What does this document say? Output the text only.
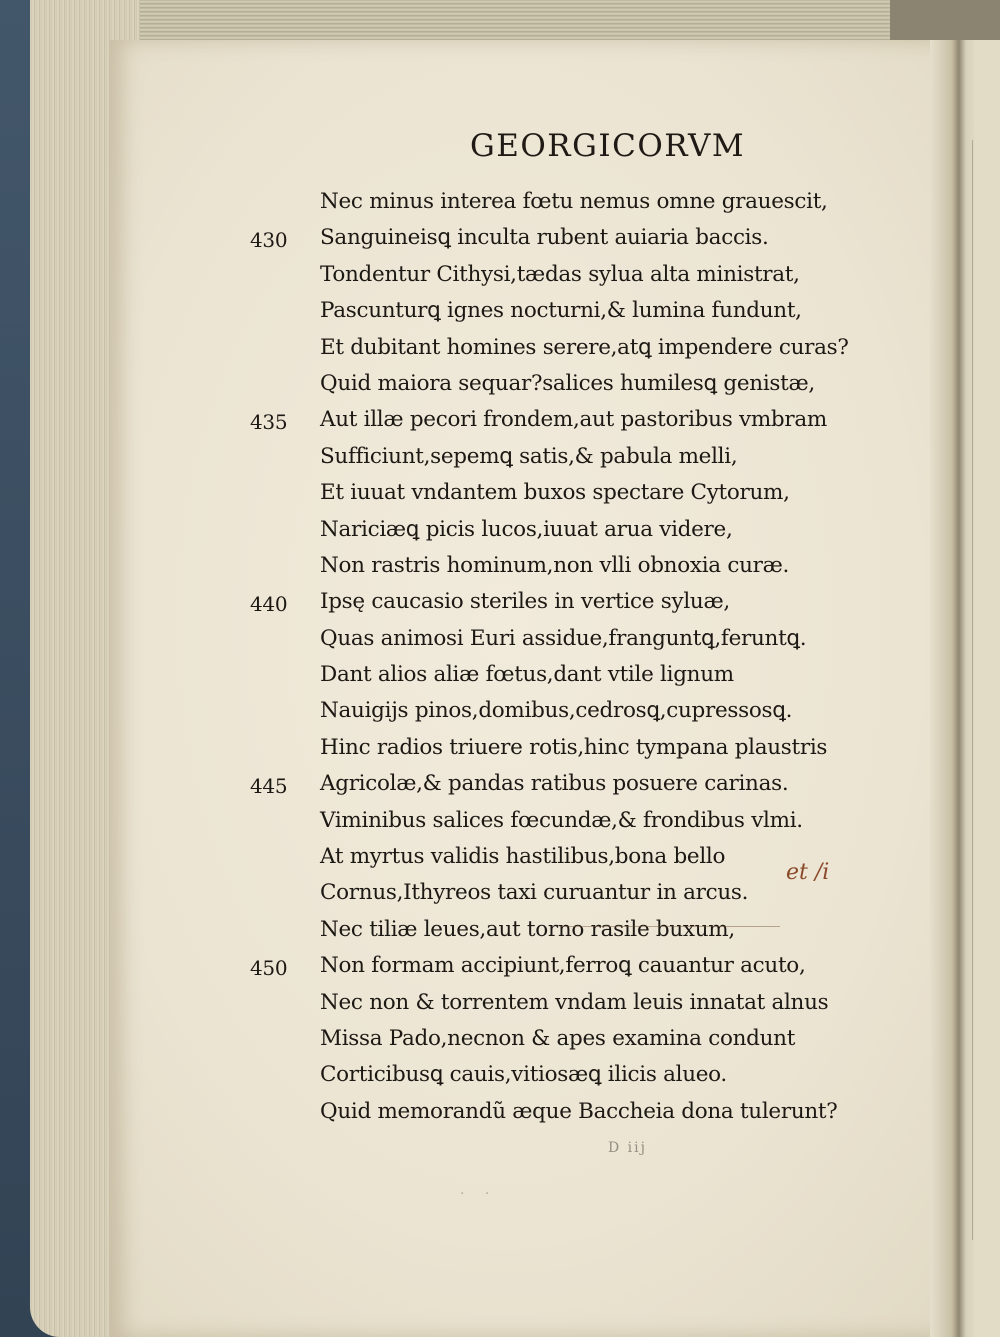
GEORGICORVM
Nec minus interea fœtu nemus omne grauescit,
430 Sanguineisꝗ inculta rubent auiaria baccis.
Tondentur Cithysi,tædas sylua alta ministrat,
Pascunturꝗ ignes nocturni,& lumina fundunt,
Et dubitant homines serere,atꝗ impendere curas?
Quid maiora sequar?salices humilesꝗ genistæ,
435 Aut illæ pecori frondem,aut pastoribus vmbram
Sufficiunt,sepemꝗ satis,& pabula melli,
Et iuuat vndantem buxos spectare Cytorum,
Nariciæꝗ picis lucos,iuuat arua videre,
Non rastris hominum,non vlli obnoxia curæ.
440 Ipsę caucasio steriles in vertice syluæ,
Quas animosi Euri assidue,franguntꝗ,feruntꝗ.
Dant alios aliæ fœtus,dant vtile lignum
Nauigijs pinos,domibus,cedrosꝗ,cupressosꝗ.
Hinc radios triuere rotis,hinc tympana plaustris
445 Agricolæ,& pandas ratibus posuere carinas.
Viminibus salices fœcundæ,& frondibus vlmi.
At myrtus validis hastilibus,bona bello
Cornus,Ithyreos taxi curuantur in arcus.
Nec tiliæ leues,aut torno rasile buxum,
450 Non formam accipiunt,ferroꝗ cauantur acuto,
Nec non & torrentem vndam leuis innatat alnus
Missa Pado,necnon & apes examina condunt
Corticibusꝗ cauis,vitiosæꝗ ilicis alueo.
Quid memorandũ æque Baccheia dona tulerunt?
et /i
D iij
· ·
